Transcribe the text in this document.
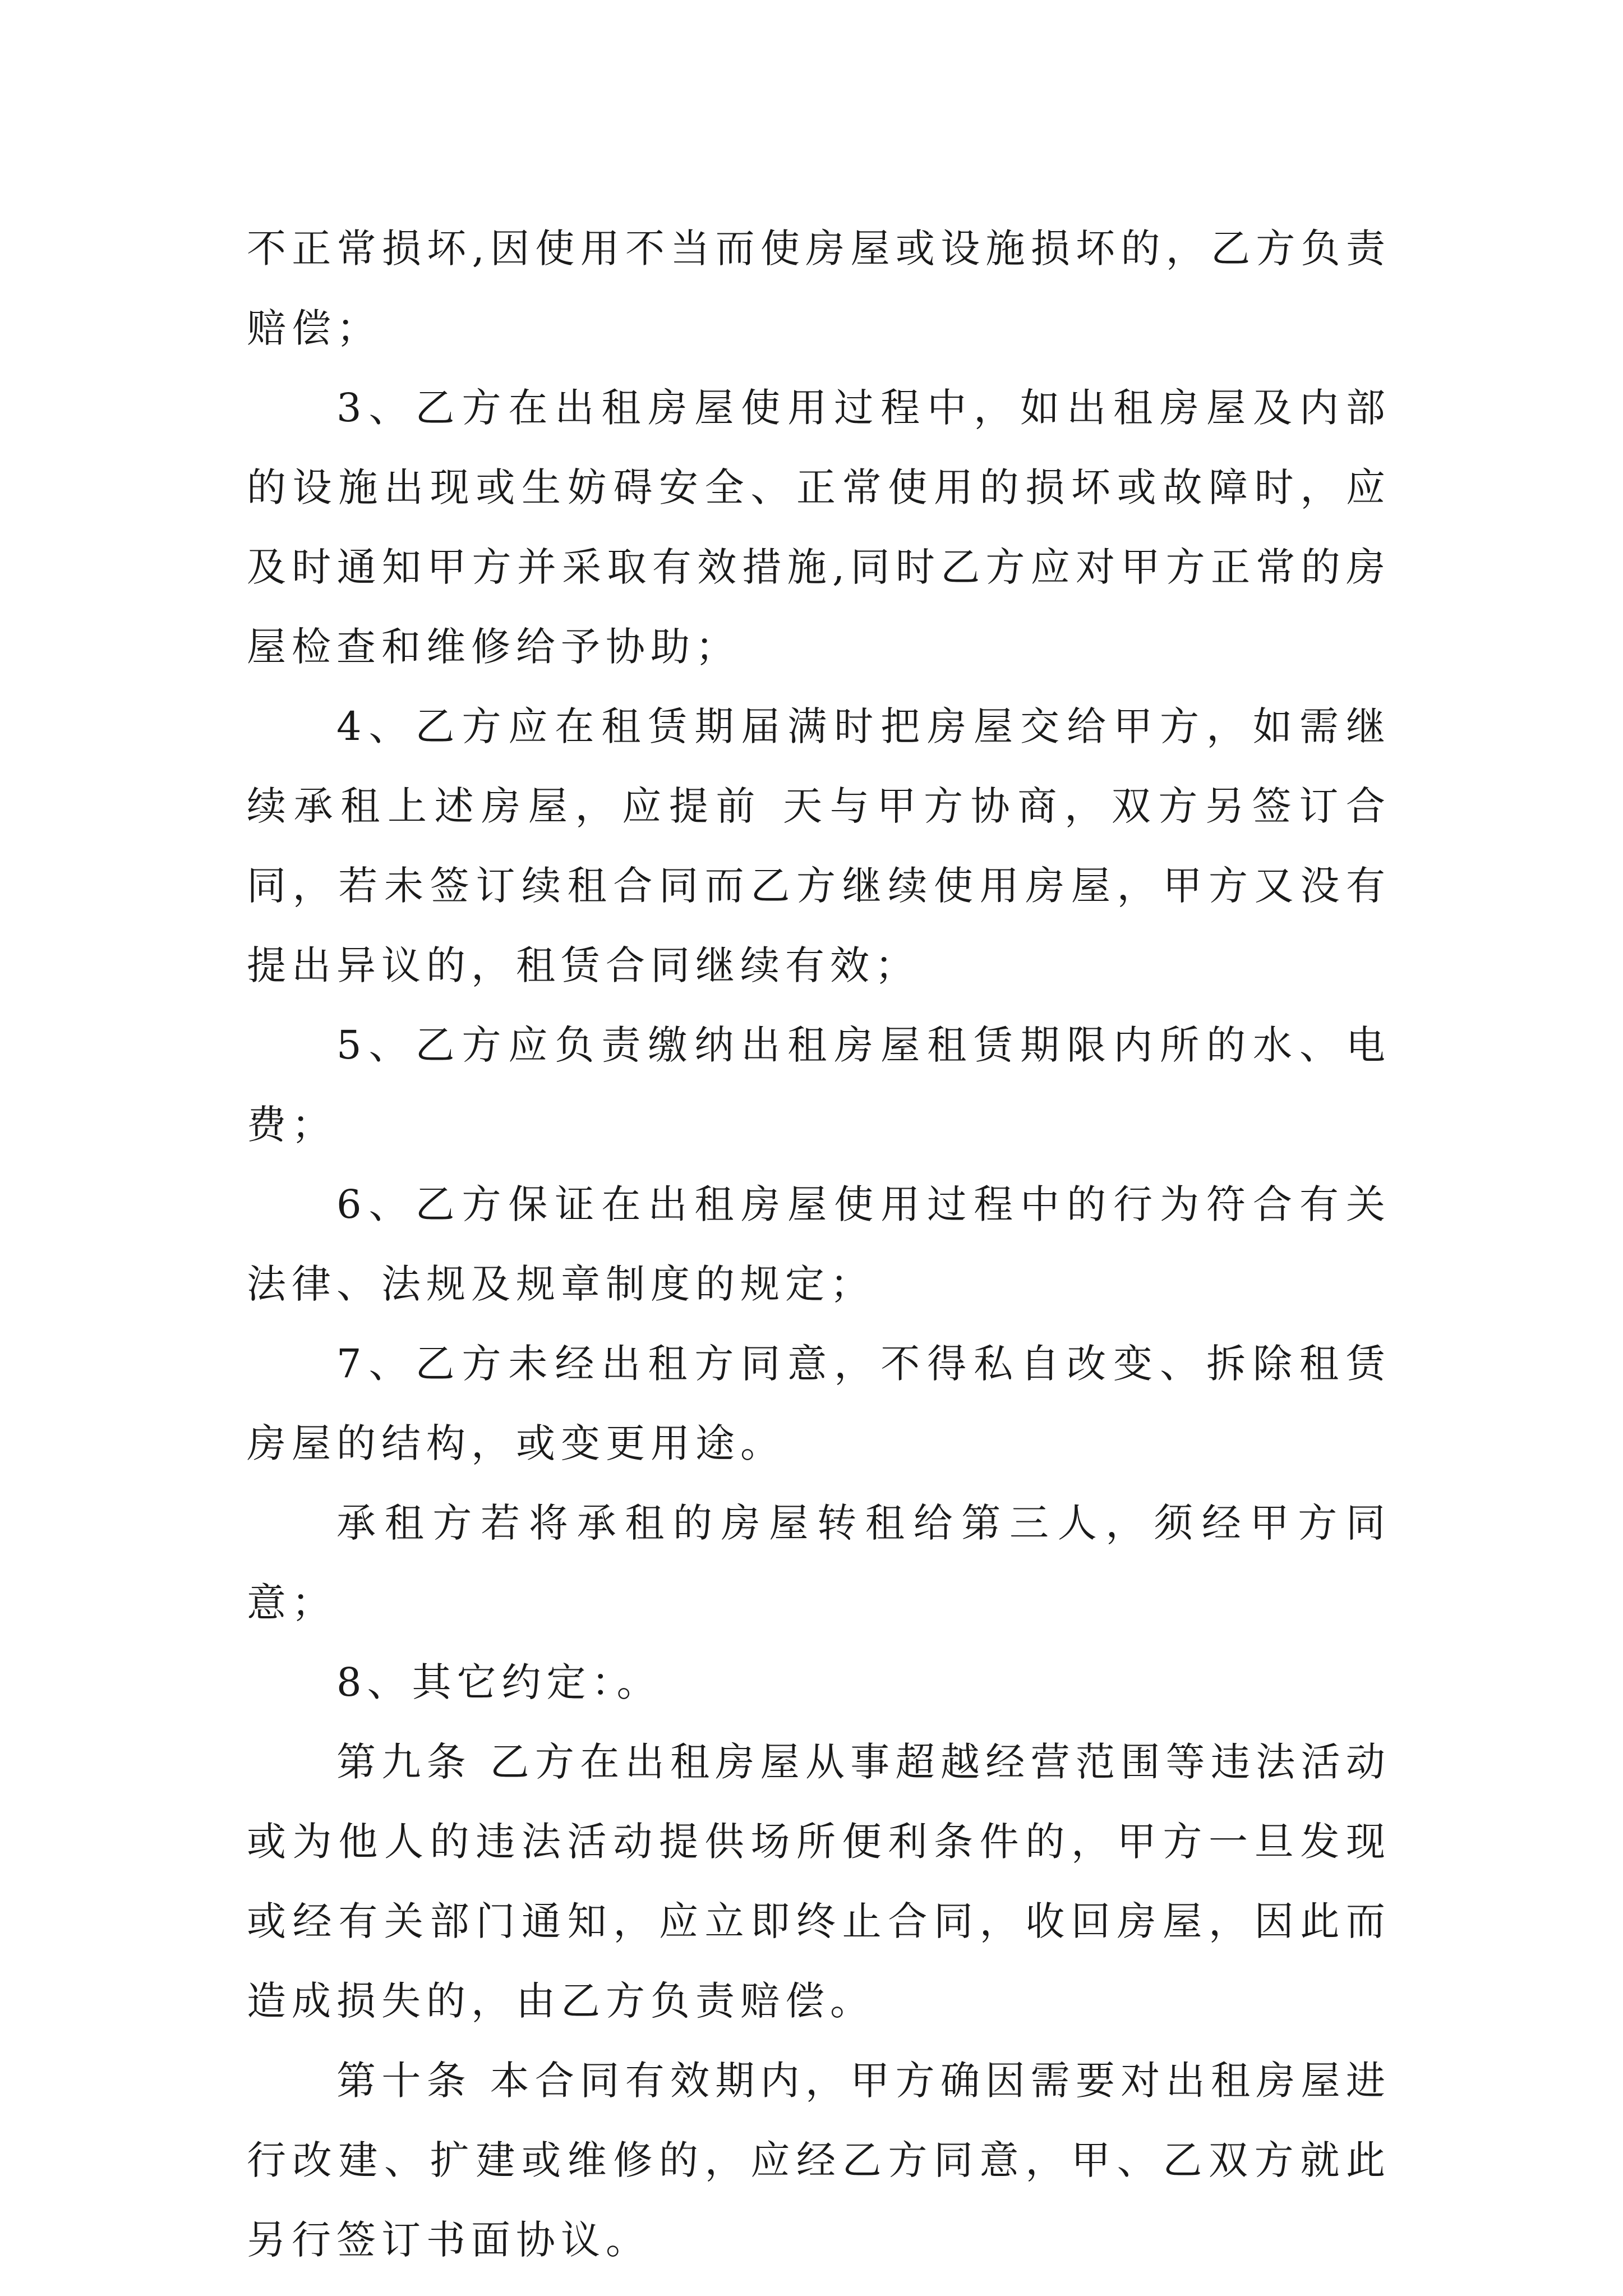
不正常损坏,因使用不当而使房屋或设施损坏的，乙方负责赔偿；

3、乙方在出租房屋使用过程中，如出租房屋及内部的设施出现或生妨碍安全、正常使用的损坏或故障时，应及时通知甲方并采取有效措施,同时乙方应对甲方正常的房屋检查和维修给予协助；

4、乙方应在租赁期届满时把房屋交给甲方，如需继续承租上述房屋，应提前 天与甲方协商，双方另签订合同，若未签订续租合同而乙方继续使用房屋，甲方又没有提出异议的，租赁合同继续有效；

5、乙方应负责缴纳出租房屋租赁期限内所的水、电费；

6、乙方保证在出租房屋使用过程中的行为符合有关法律、法规及规章制度的规定；

7、乙方未经出租方同意，不得私自改变、拆除租赁房屋的结构，或变更用途。

承租方若将承租的房屋转租给第三人，须经甲方同意；

8、其它约定：。

第九条 乙方在出租房屋从事超越经营范围等违法活动或为他人的违法活动提供场所便利条件的，甲方一旦发现或经有关部门通知，应立即终止合同，收回房屋，因此而造成损失的，由乙方负责赔偿。

第十条 本合同有效期内，甲方确因需要对出租房屋进行改建、扩建或维修的，应经乙方同意，甲、乙双方就此另行签订书面协议。
